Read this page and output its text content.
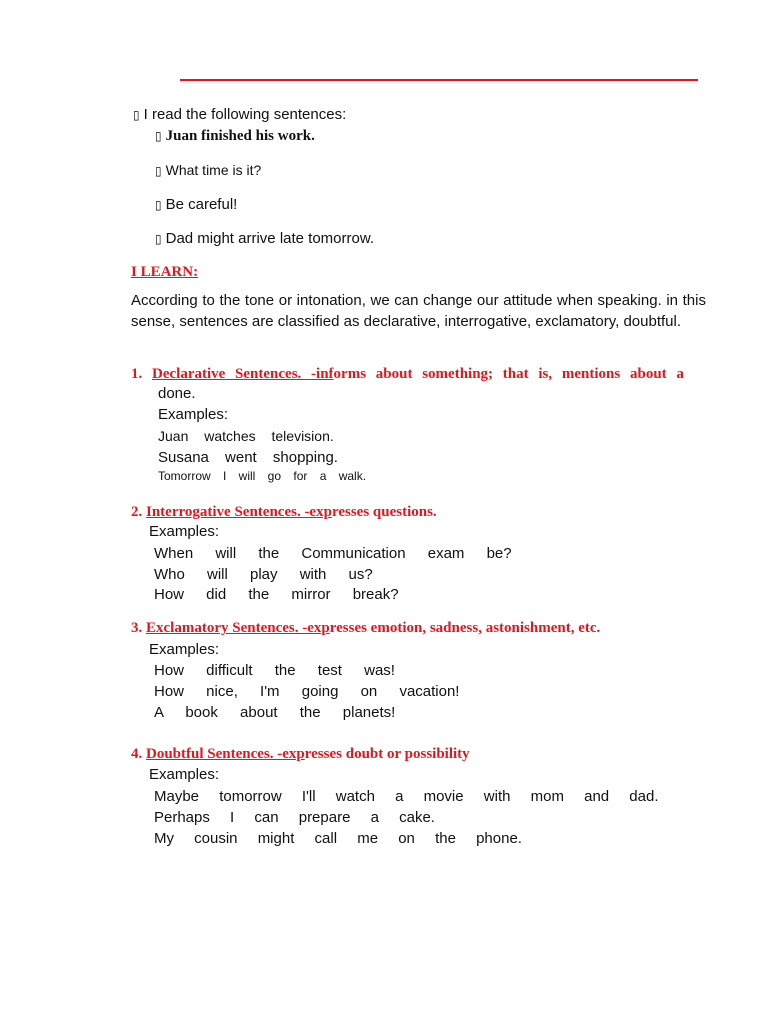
▯ I read the following sentences:
▯ Juan finished his work.
▯ What time is it?
▯ Be careful!
▯ Dad might arrive late tomorrow.
I LEARN:
According to the tone or intonation, we can change our attitude when speaking. in this sense, sentences are classified as declarative, interrogative, exclamatory, doubtful.
1. Declarative Sentences. -informs about something; that is, mentions about a
done.
Examples:
Juan watches television.
Susana went shopping.
Tomorrow I will go for a walk.
2. Interrogative Sentences. -expresses questions.
Examples:
When will the Communication exam be?
Who will play with us?
How did the mirror break?
3. Exclamatory Sentences. -expresses emotion, sadness, astonishment, etc.
Examples:
How difficult the test was!
How nice, I'm going on vacation!
A book about the planets!
4. Doubtful Sentences. -expresses doubt or possibility
Examples:
Maybe tomorrow I'll watch a movie with mom and dad.
Perhaps I can prepare a cake.
My cousin might call me on the phone.
